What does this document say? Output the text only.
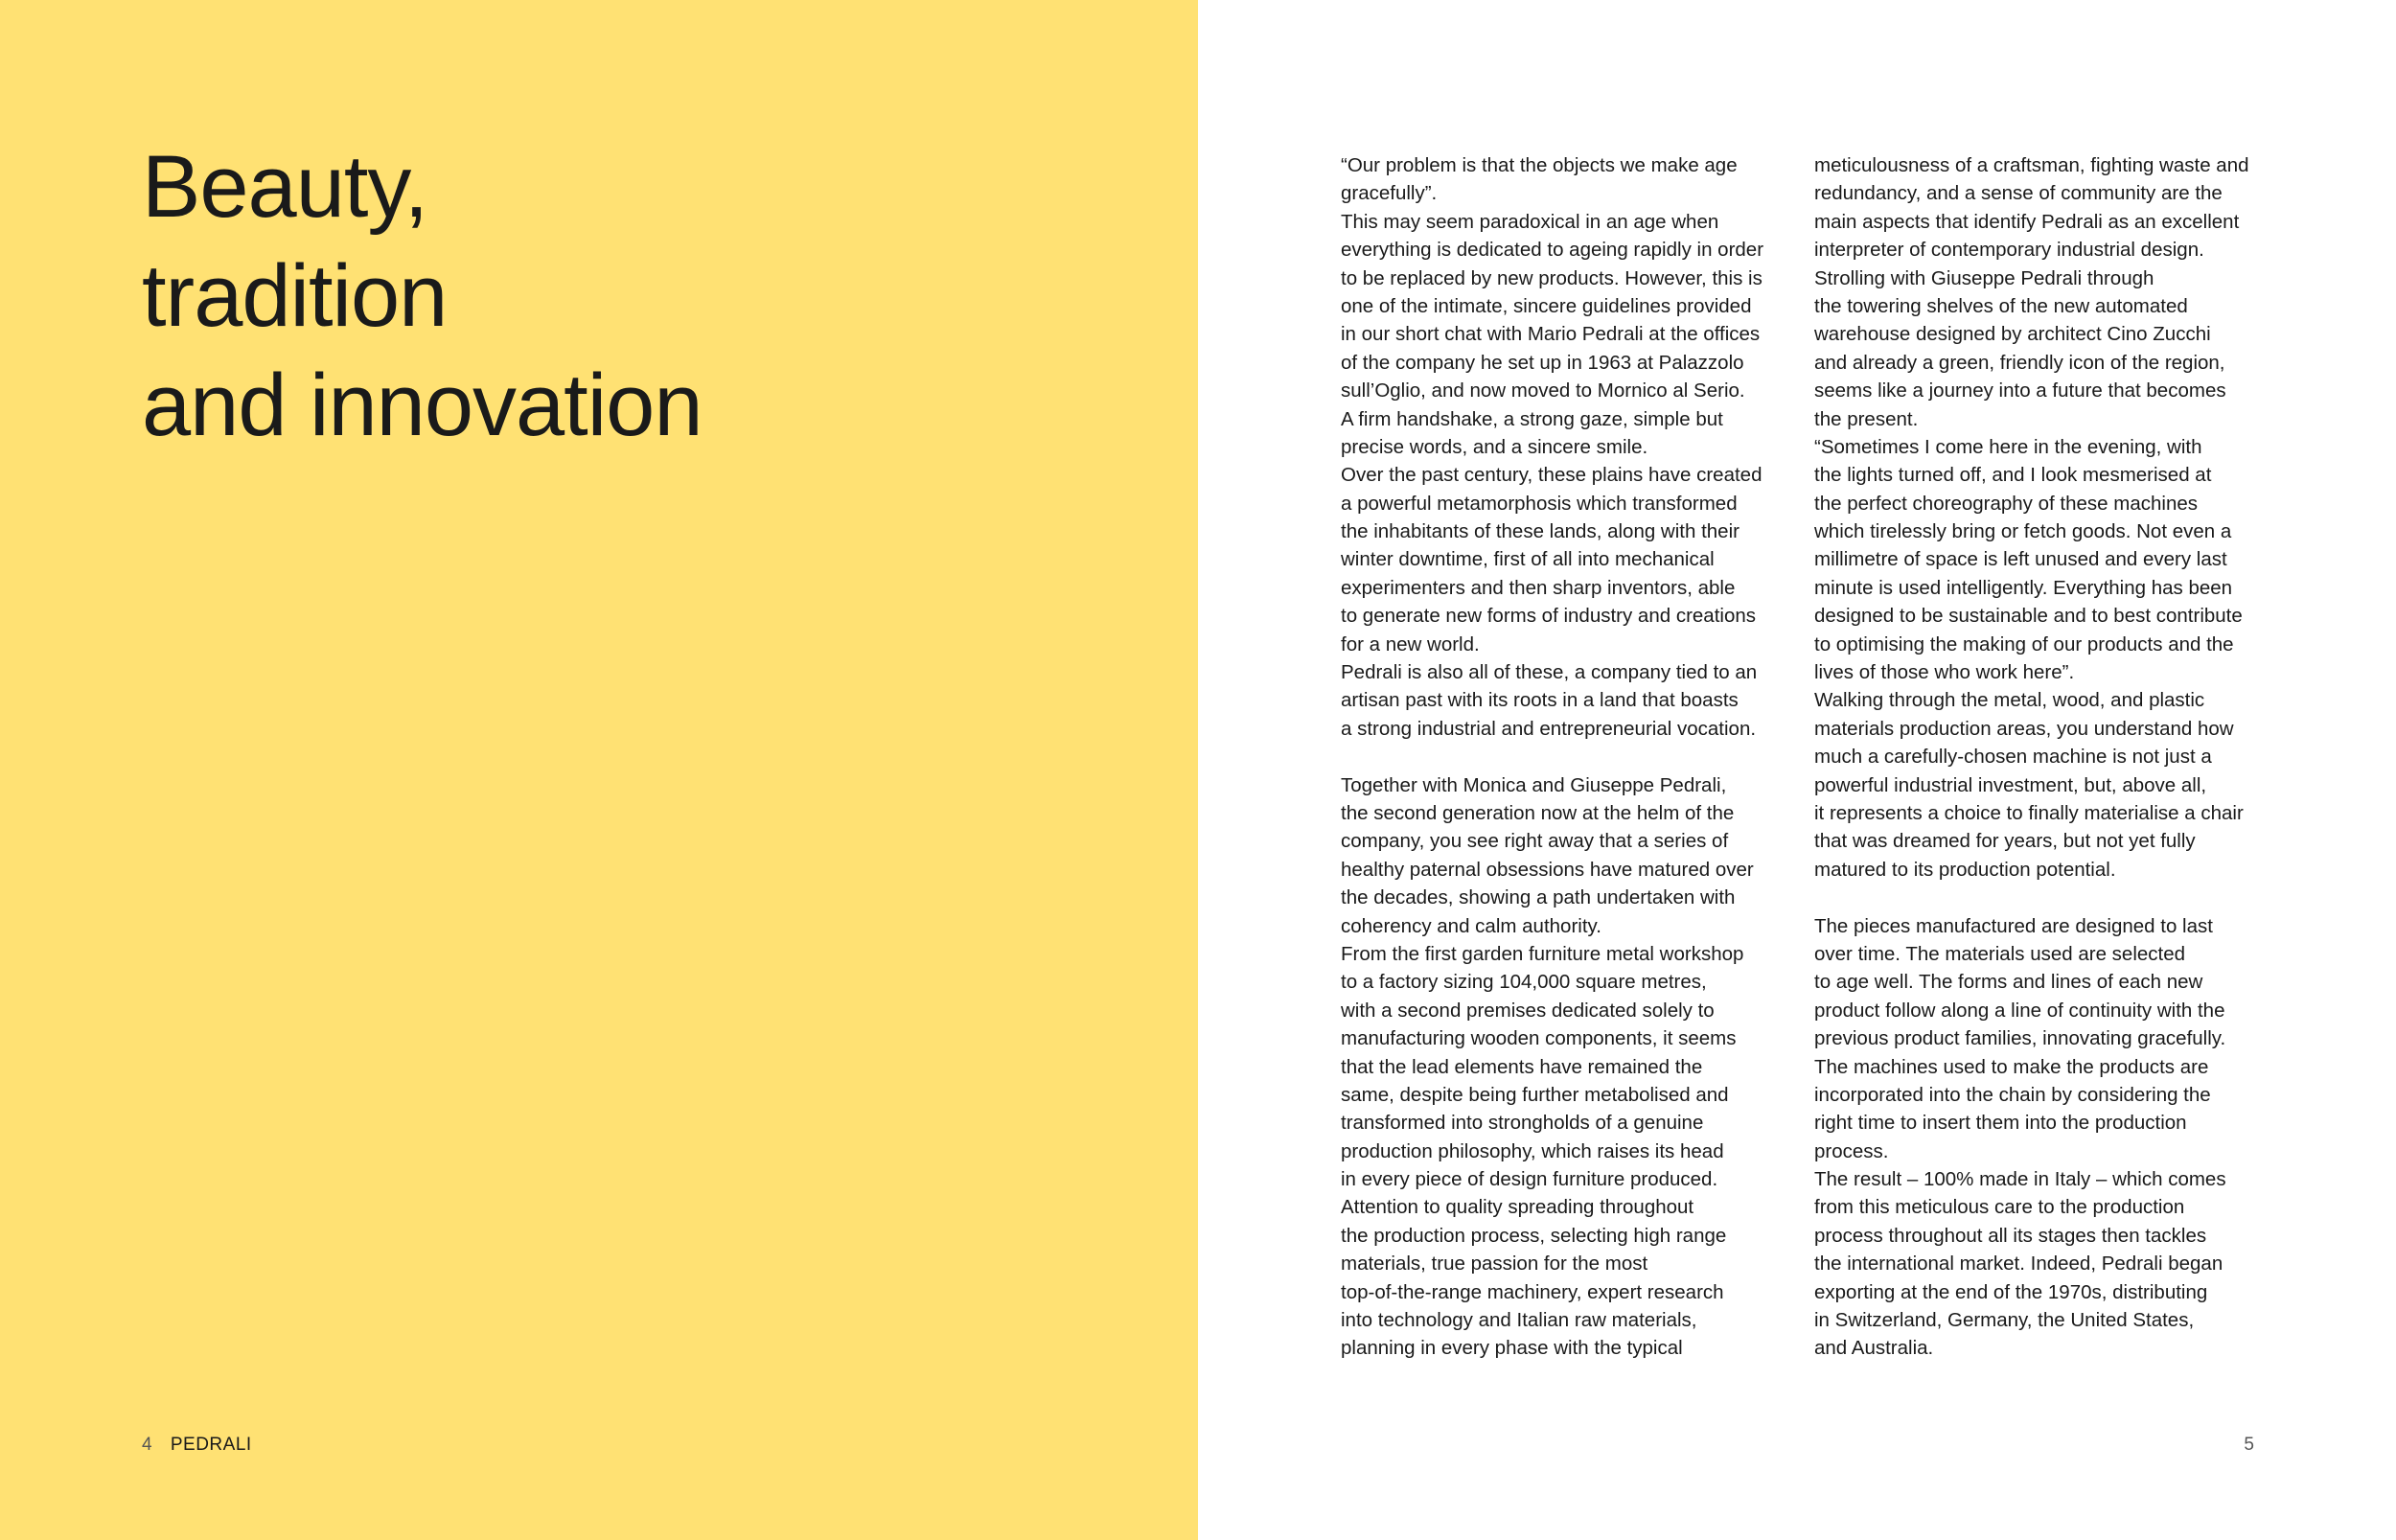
Beauty,
tradition
and innovation
4 PEDRALI
“Our problem is that the objects we make age
gracefully”.
This may seem paradoxical in an age when
everything is dedicated to ageing rapidly in order
to be replaced by new products. However, this is
one of the intimate, sincere guidelines provided
in our short chat with Mario Pedrali at the offices
of the company he set up in 1963 at Palazzolo
sull’Oglio, and now moved to Mornico al Serio.
A firm handshake, a strong gaze, simple but
precise words, and a sincere smile.
Over the past century, these plains have created
a powerful metamorphosis which transformed
the inhabitants of these lands, along with their
winter downtime, first of all into mechanical
experimenters and then sharp inventors, able
to generate new forms of industry and creations
for a new world.
Pedrali is also all of these, a company tied to an
artisan past with its roots in a land that boasts
a strong industrial and entrepreneurial vocation.
Together with Monica and Giuseppe Pedrali,
the second generation now at the helm of the
company, you see right away that a series of
healthy paternal obsessions have matured over
the decades, showing a path undertaken with
coherency and calm authority.
From the first garden furniture metal workshop
to a factory sizing 104,000 square metres,
with a second premises dedicated solely to
manufacturing wooden components, it seems
that the lead elements have remained the
same, despite being further metabolised and
transformed into strongholds of a genuine
production philosophy, which raises its head
in every piece of design furniture produced.
Attention to quality spreading throughout
the production process, selecting high range
materials, true passion for the most
top-of-the-range machinery, expert research
into technology and Italian raw materials,
planning in every phase with the typical
meticulousness of a craftsman, fighting waste and
redundancy, and a sense of community are the
main aspects that identify Pedrali as an excellent
interpreter of contemporary industrial design.
Strolling with Giuseppe Pedrali through
the towering shelves of the new automated
warehouse designed by architect Cino Zucchi
and already a green, friendly icon of the region,
seems like a journey into a future that becomes
the present.
“Sometimes I come here in the evening, with
the lights turned off, and I look mesmerised at
the perfect choreography of these machines
which tirelessly bring or fetch goods. Not even a
millimetre of space is left unused and every last
minute is used intelligently. Everything has been
designed to be sustainable and to best contribute
to optimising the making of our products and the
lives of those who work here”.
Walking through the metal, wood, and plastic
materials production areas, you understand how
much a carefully-chosen machine is not just a
powerful industrial investment, but, above all,
it represents a choice to finally materialise a chair
that was dreamed for years, but not yet fully
matured to its production potential.
The pieces manufactured are designed to last
over time. The materials used are selected
to age well. The forms and lines of each new
product follow along a line of continuity with the
previous product families, innovating gracefully.
The machines used to make the products are
incorporated into the chain by considering the
right time to insert them into the production
process.
The result – 100% made in Italy – which comes
from this meticulous care to the production
process throughout all its stages then tackles
the international market. Indeed, Pedrali began
exporting at the end of the 1970s, distributing
in Switzerland, Germany, the United States,
and Australia.
5
